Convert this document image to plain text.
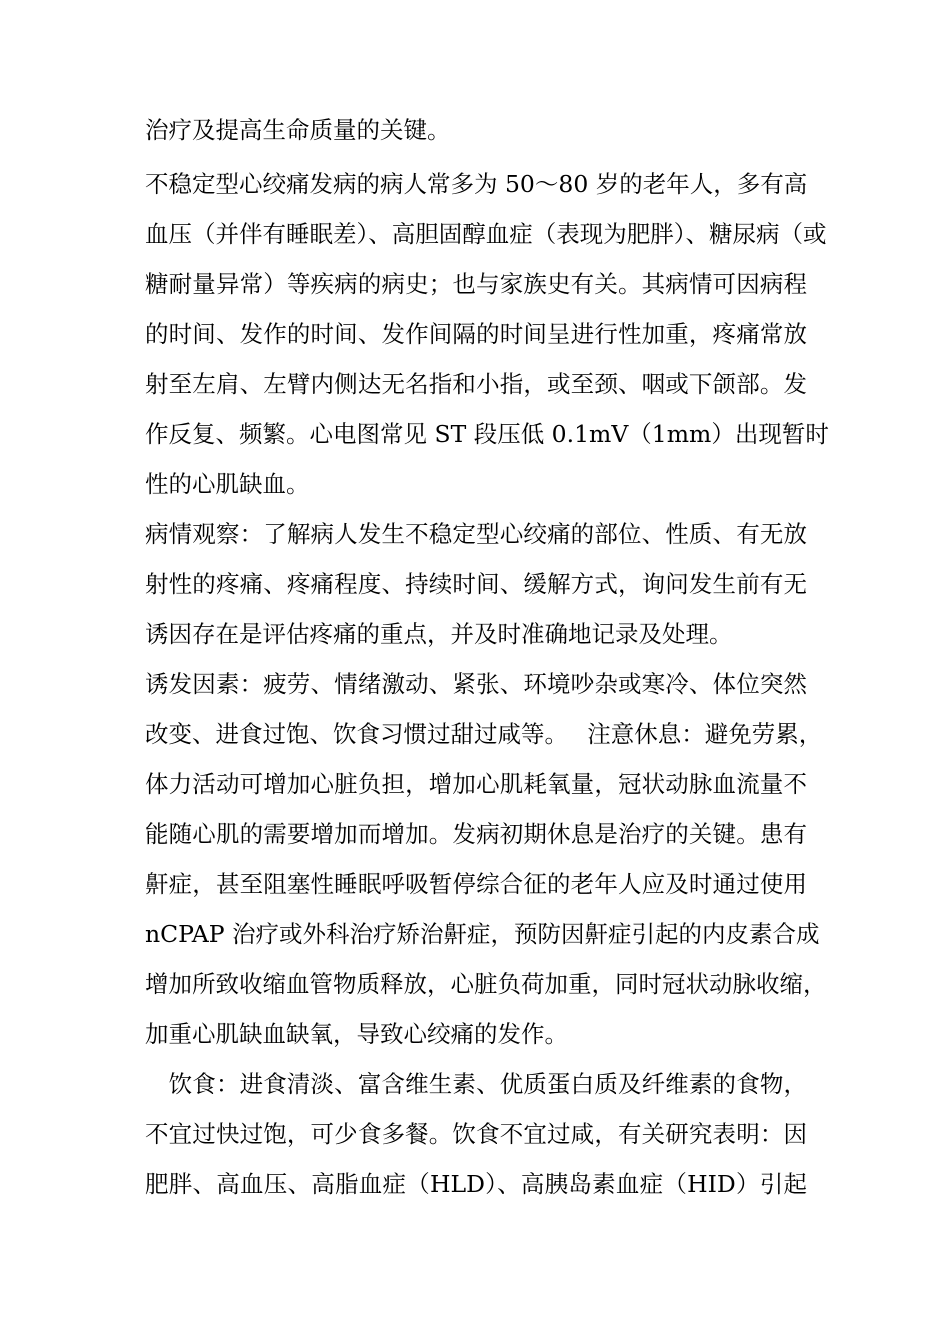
治疗及提高生命质量的关键。
不稳定型心绞痛发病的病人常多为 50～80 岁的老年人，多有高
血压（并伴有睡眠差）、高胆固醇血症（表现为肥胖）、糖尿病（或
糖耐量异常）等疾病的病史；也与家族史有关。其病情可因病程
的时间、发作的时间、发作间隔的时间呈进行性加重，疼痛常放
射至左肩、左臂内侧达无名指和小指，或至颈、咽或下颌部。发
作反复、频繁。心电图常见 ST 段压低 0.1mV（1mm）出现暂时
性的心肌缺血。
病情观察：了解病人发生不稳定型心绞痛的部位、性质、有无放
射性的疼痛、疼痛程度、持续时间、缓解方式，询问发生前有无
诱因存在是评估疼痛的重点，并及时准确地记录及处理。
诱发因素：疲劳、情绪激动、紧张、环境吵杂或寒冷、体位突然
改变、进食过饱、饮食习惯过甜过咸等。　 注意休息：避免劳累，
体力活动可增加心脏负担，增加心肌耗氧量，冠状动脉血流量不
能随心肌的需要增加而增加。发病初期休息是治疗的关键。患有
鼾症，甚至阻塞性睡眠呼吸暂停综合征的老年人应及时通过使用
nCPAP 治疗或外科治疗矫治鼾症，预防因鼾症引起的内皮素合成
增加所致收缩血管物质释放，心脏负荷加重，同时冠状动脉收缩，
加重心肌缺血缺氧，导致心绞痛的发作。
　饮食：进食清淡、富含维生素、优质蛋白质及纤维素的食物，
不宜过快过饱，可少食多餐。饮食不宜过咸，有关研究表明：因
肥胖、高血压、高脂血症（HLD）、高胰岛素血症（HID）引起
